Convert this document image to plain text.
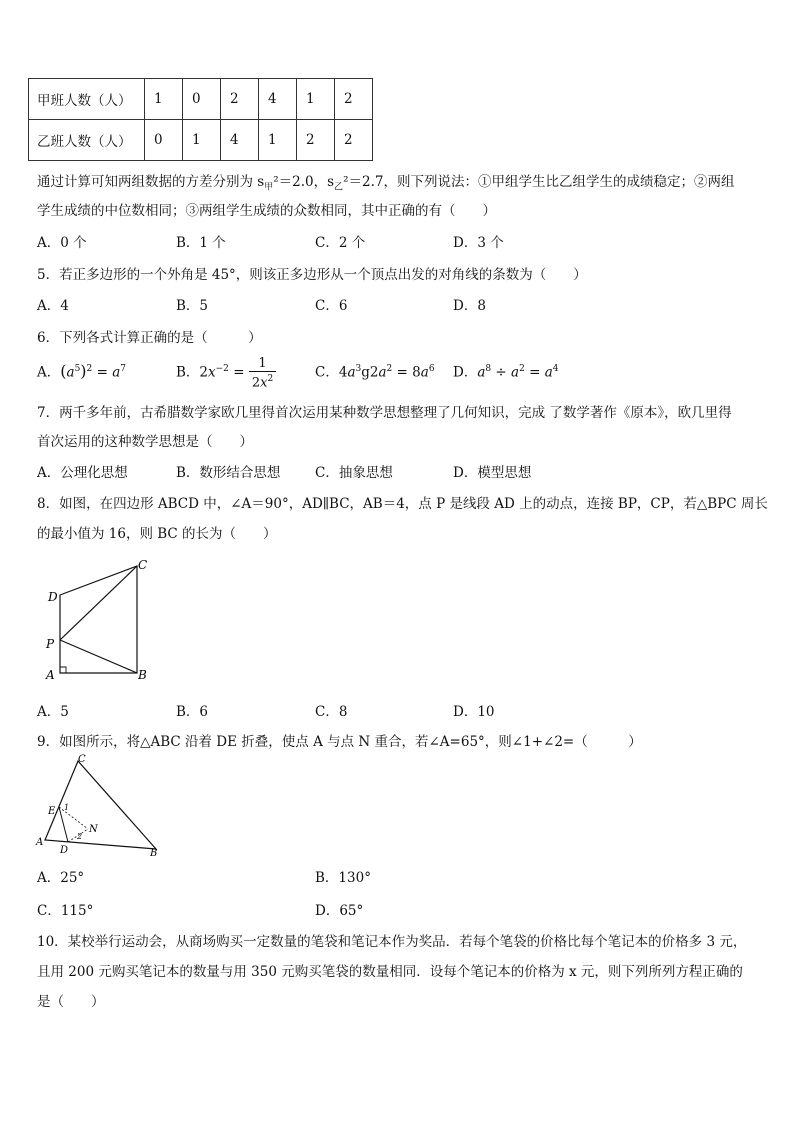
甲班人数（人）	1	0	2	4	1	2
乙班人数（人）	0	1	4	1	2	2
通过计算可知两组数据的方差分别为 $s_甲^2=2.0$，$s_乙^2=2.7$，则下列说法：①甲组学生比乙组学生的成绩稳定；②两组
学生成绩的中位数相同；③两组学生成绩的众数相同，其中正确的有（　　）
A．0 个	B．1 个	C．2 个	D．3 个
5．若正多边形的一个外角是 45°，则该正多边形从一个顶点出发的对角线的条数为（　　）
A．4	B．5	C．6	D．8
6．下列各式计算正确的是（　　　）
A．$(a^5)^2 = a^7$	B．$2x^{-2} = \frac{1}{2x^2}$	C．$4a^3g2a^2 = 8a^6$ D．$a^8 \div a^2 = a^4$
7．两千多年前，古希腊数学家欧几里得首次运用某种数学思想整理了几何知识，完成 了数学著作《原本》，欧几里得
首次运用的这种数学思想是（　　）
A．公理化思想	B．数形结合思想	C．抽象思想	D．模型思想
8．如图，在四边形 ABCD 中，∠A＝90°，AD∥BC，AB＝4，点 P 是线段 AD 上的动点，连接 BP，CP，若△BPC 周长
的最小值为 16，则 BC 的长为（　　）
C
D
P
A	B
A．5	B．6	C．8	D．10
9．如图所示，将△ABC 沿着 DE 折叠，使点 A 与点 N 重合，若∠A=65°，则∠1+∠2=（　　　）
C
E 1
N
2
A
D	B
A．25°	B．130°
C．115°	D．65°
10．某校举行运动会，从商场购买一定数量的笔袋和笔记本作为奖品．若每个笔袋的价格比每个笔记本的价格多 3 元，
且用 200 元购买笔记本的数量与用 350 元购买笔袋的数量相同．设每个笔记本的价格为 x 元，则下列所列方程正确的
是（　　）
